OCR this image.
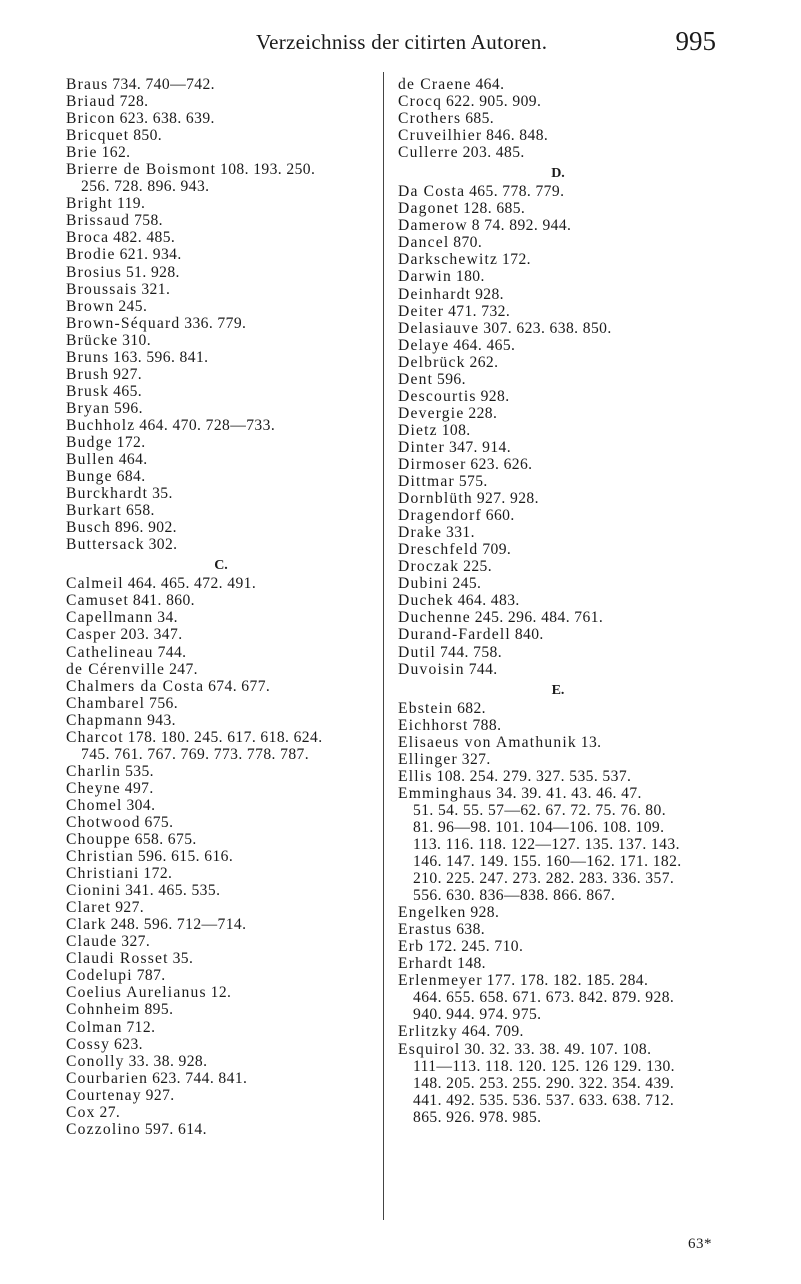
Verzeichniss der citirten Autoren.	995
Braus 734. 740—742.
Briaud 728.
Bricon 623. 638. 639.
Bricquet 850.
Brie 162.
Brierre de Boismont 108. 193. 250.
256. 728. 896. 943.
Bright 119.
Brissaud 758.
Broca 482. 485.
Brodie 621. 934.
Brosius 51. 928.
Broussais 321.
Brown 245.
Brown-Séquard 336. 779.
Brücke 310.
Bruns 163. 596. 841.
Brush 927.
Brusk 465.
Bryan 596.
Buchholz 464. 470. 728—733.
Budge 172.
Bullen 464.
Bunge 684.
Burckhardt 35.
Burkart 658.
Busch 896. 902.
Buttersack 302.
C.
Calmeil 464. 465. 472. 491.
Camuset 841. 860.
Capellmann 34.
Casper 203. 347.
Cathelineau 744.
de Cérenville 247.
Chalmers da Costa 674. 677.
Chambarel 756.
Chapmann 943.
Charcot 178. 180. 245. 617. 618. 624.
745. 761. 767. 769. 773. 778. 787.
Charlin 535.
Cheyne 497.
Chomel 304.
Chotwood 675.
Chouppe 658. 675.
Christian 596. 615. 616.
Christiani 172.
Cionini 341. 465. 535.
Claret 927.
Clark 248. 596. 712—714.
Claude 327.
Claudi Rosset 35.
Codelupi 787.
Coelius Aurelianus 12.
Cohnheim 895.
Colman 712.
Cossy 623.
Conolly 33. 38. 928.
Courbarien 623. 744. 841.
Courtenay 927.
Cox 27.
Cozzolino 597. 614.
de Craene 464.
Crocq 622. 905. 909.
Crothers 685.
Cruveilhier 846. 848.
Cullerre 203. 485.
D.
Da Costa 465. 778. 779.
Dagonet 128. 685.
Damerow 8 74. 892. 944.
Dancel 870.
Darkschewitz 172.
Darwin 180.
Deinhardt 928.
Deiter 471. 732.
Delasiauve 307. 623. 638. 850.
Delaye 464. 465.
Delbrück 262.
Dent 596.
Descourtis 928.
Devergie 228.
Dietz 108.
Dinter 347. 914.
Dirmoser 623. 626.
Dittmar 575.
Dornblüth 927. 928.
Dragendorf 660.
Drake 331.
Dreschfeld 709.
Droczak 225.
Dubini 245.
Duchek 464. 483.
Duchenne 245. 296. 484. 761.
Durand-Fardell 840.
Dutil 744. 758.
Duvoisin 744.
E.
Ebstein 682.
Eichhorst 788.
Elisaeus von Amathunik 13.
Ellinger 327.
Ellis 108. 254. 279. 327. 535. 537.
Emminghaus 34. 39. 41. 43. 46. 47.
51. 54. 55. 57—62. 67. 72. 75. 76. 80.
81. 96—98. 101. 104—106. 108. 109.
113. 116. 118. 122—127. 135. 137. 143.
146. 147. 149. 155. 160—162. 171. 182.
210. 225. 247. 273. 282. 283. 336. 357.
556. 630. 836—838. 866. 867.
Engelken 928.
Erastus 638.
Erb 172. 245. 710.
Erhardt 148.
Erlenmeyer 177. 178. 182. 185. 284.
464. 655. 658. 671. 673. 842. 879. 928.
940. 944. 974. 975.
Erlitzky 464. 709.
Esquirol 30. 32. 33. 38. 49. 107. 108.
111—113. 118. 120. 125. 126 129. 130.
148. 205. 253. 255. 290. 322. 354. 439.
441. 492. 535. 536. 537. 633. 638. 712.
865. 926. 978. 985.
63*
